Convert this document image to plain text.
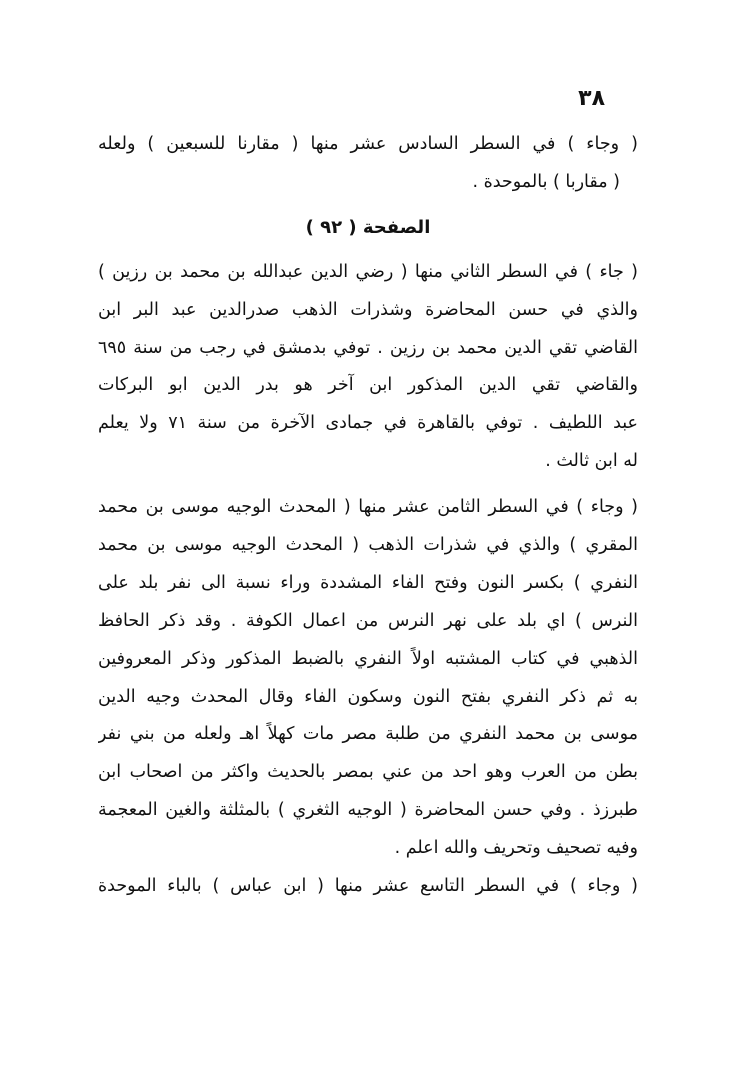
٣٨
( وجاء ) في السطر السادس عشر منها ( مقارنا للسبعين ) ولعله
( مقاربا ) بالموحدة .
الصفحة ( ٩٢ )
( جاء ) في السطر الثاني منها ( رضي الدين عبدالله بن محمد بن رزين )
والذي في حسن المحاضرة وشذرات الذهب صدرالدين عبد البر ابن
القاضي تقي الدين محمد بن رزين . توفي بدمشق في رجب من سنة ٦٩٥
والقاضي تقي الدين المذكور ابن آخر هو بدر الدين ابو البركات
عبد اللطيف . توفي بالقاهرة في جمادى الآخرة من سنة ٧١ ولا يعلم
له ابن ثالث .
( وجاء ) في السطر الثامن عشر منها ( المحدث الوجيه موسى بن محمد
المقري ) والذي في شذرات الذهب ( المحدث الوجيه موسى بن محمد
النفري ) بكسر النون وفتح الفاء المشددة وراء نسبة الى نفر بلد على
النرس ) اي بلد على نهر النرس من اعمال الكوفة . وقد ذكر الحافظ
الذهبي في كتاب المشتبه اولاً النفري بالضبط المذكور وذكر المعروفين
به ثم ذكر النفري بفتح النون وسكون الفاء وقال المحدث وجيه الدين
موسى بن محمد النفري من طلبة مصر مات كهلاً اهـ ولعله من بني نفر
بطن من العرب وهو احد من عني بمصر بالحديث واكثر من اصحاب ابن
طبرزذ . وفي حسن المحاضرة ( الوجيه الثغري ) بالمثلثة والغين المعجمة
وفيه تصحيف وتحريف والله اعلم .
( وجاء ) في السطر التاسع عشر منها ( ابن عباس ) بالباء الموحدة
